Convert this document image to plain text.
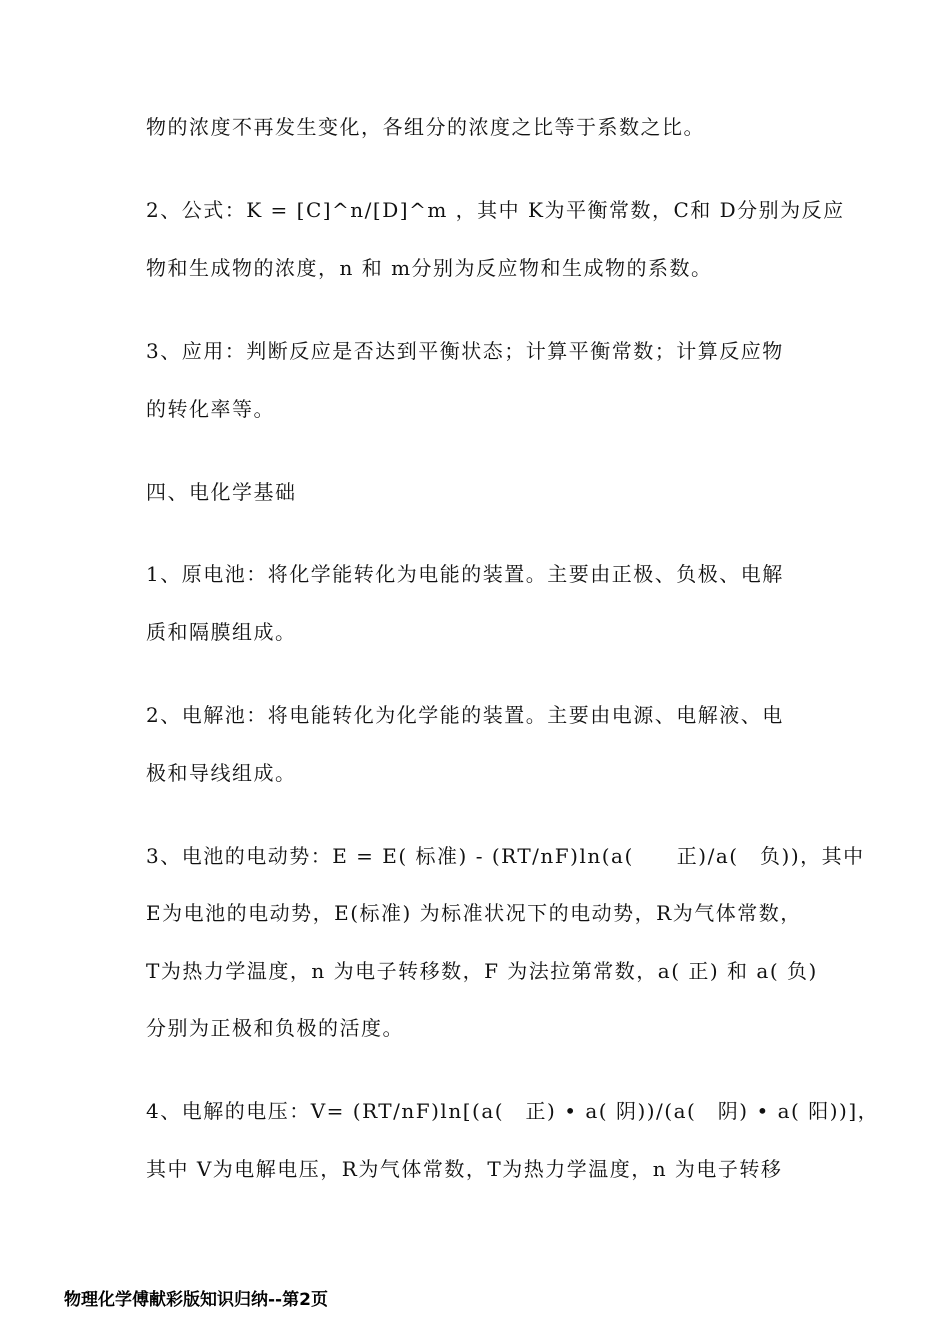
物的浓度不再发生变化，各组分的浓度之比等于系数之比。
2、公式：K = [C]^n/[D]^m ，其中 K为平衡常数，C和 D分别为反应
物和生成物的浓度，n 和 m分别为反应物和生成物的系数。
3、应用：判断反应是否达到平衡状态；计算平衡常数；计算反应物
的转化率等。
四、电化学基础
1、原电池：将化学能转化为电能的装置。主要由正极、负极、电解
质和隔膜组成。
2、电解池：将电能转化为化学能的装置。主要由电源、电解液、电
极和导线组成。
3、电池的电动势：E = E( 标准) - (RT/nF)ln(a(　　正)/a(　负))，其中
E为电池的电动势，E(标准) 为标准状况下的电动势，R为气体常数，
T为热力学温度，n 为电子转移数，F 为法拉第常数，a( 正) 和 a( 负)
分别为正极和负极的活度。
4、电解的电压：V= (RT/nF)ln[(a(　正) • a( 阴))/(a(　阴) • a( 阳))]，
其中 V为电解电压，R为气体常数，T为热力学温度，n 为电子转移
物理化学傅献彩版知识归纳--第2页
